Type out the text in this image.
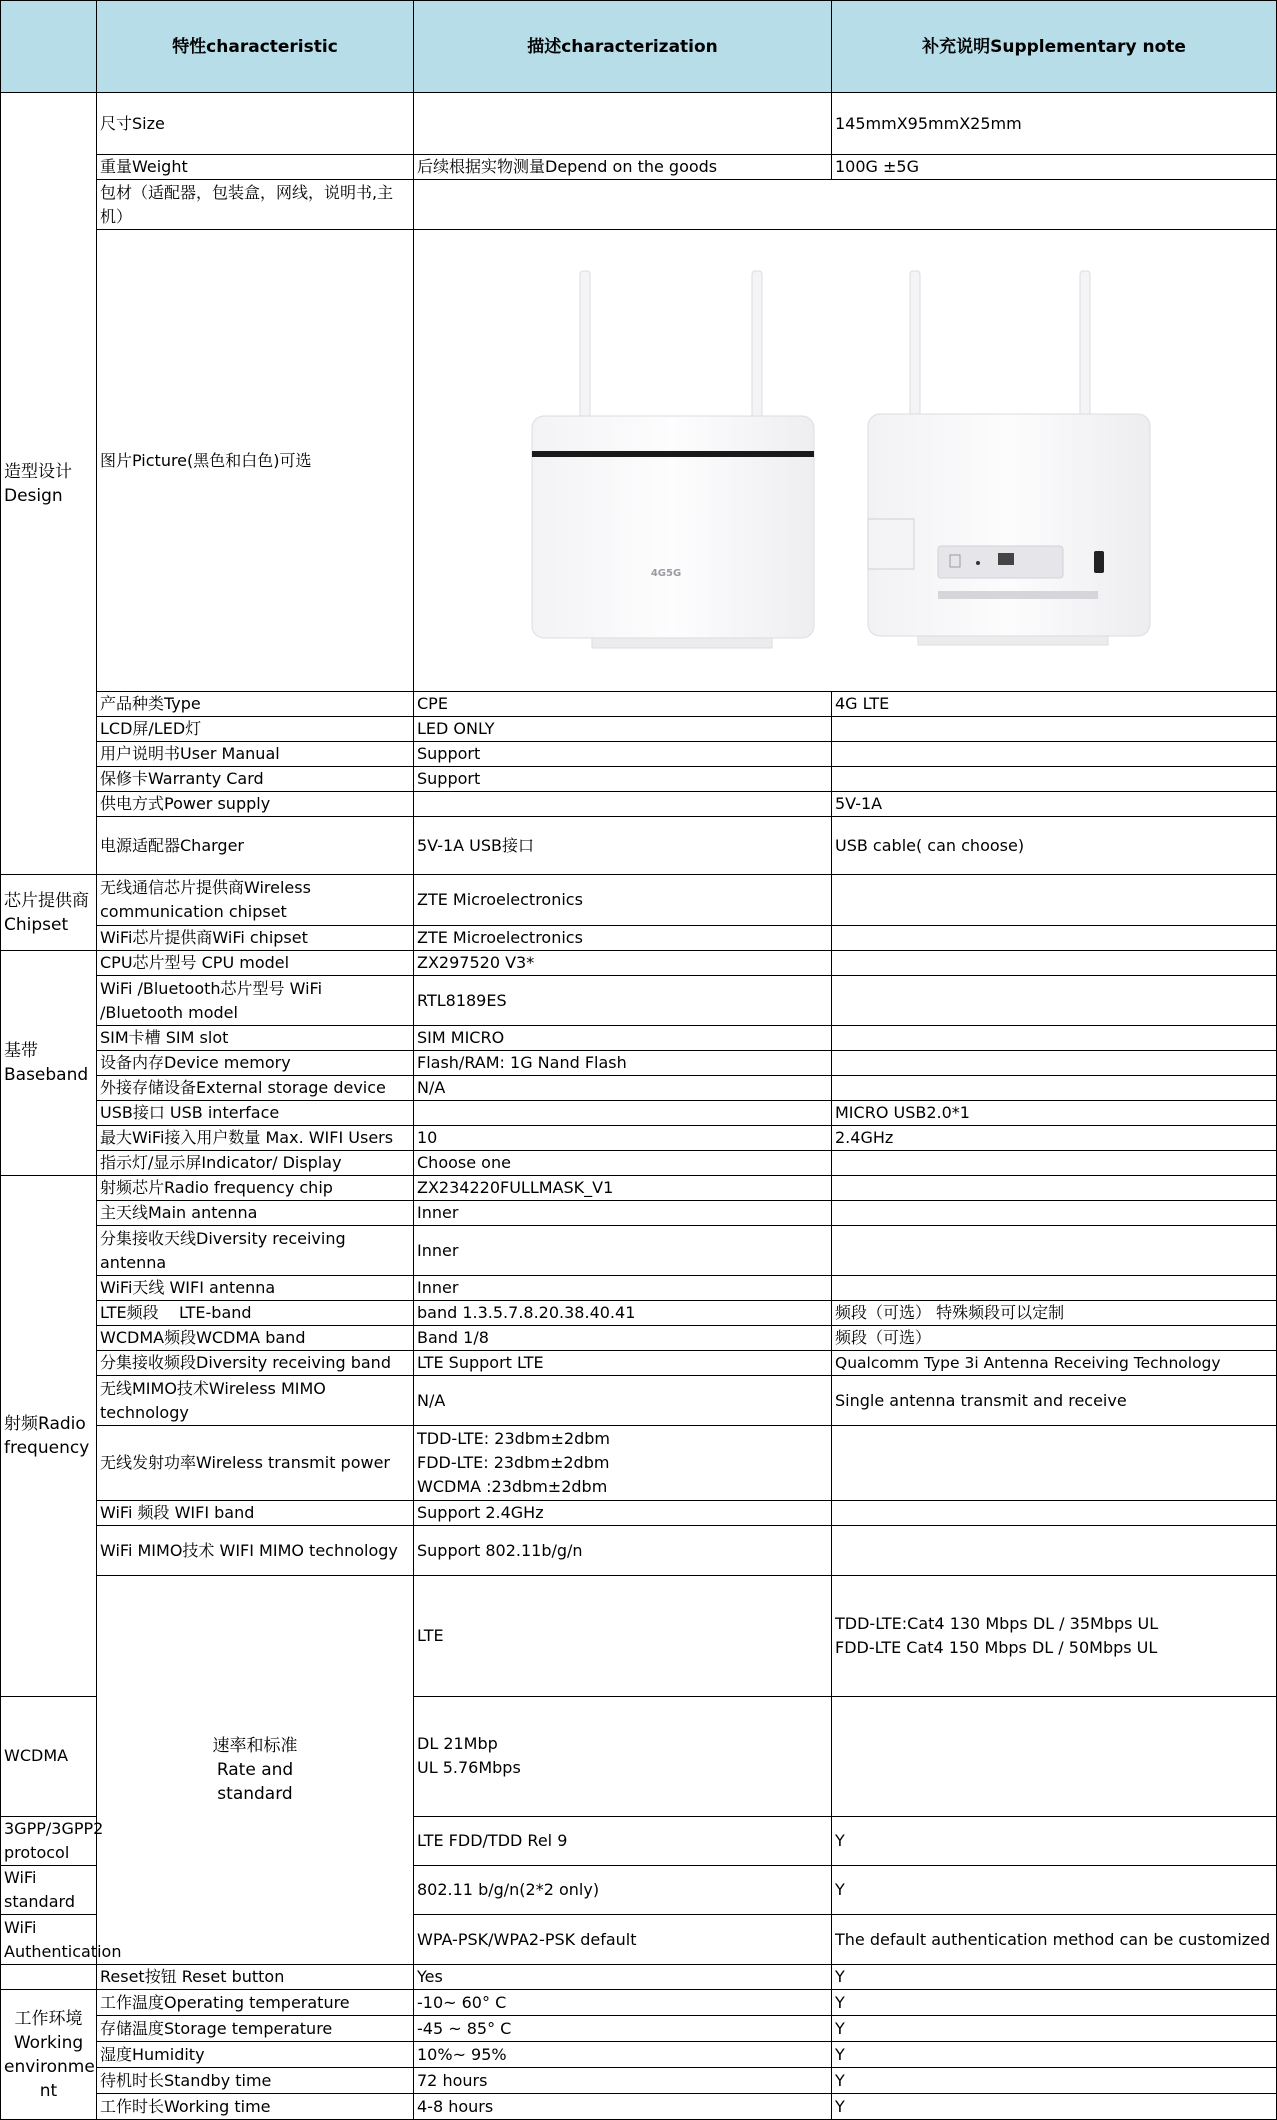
	特性characteristic	描述characterization	补充说明Supplementary note	
造型设计
Design	尺寸Size		145mmX95mmX25mm	
	重量Weight	后续根据实物测量Depend on the goods	100G ±5G	
	包材（适配器，包装盒，网线，说明书,主机）			
	图片Picture(黑色和白色)可选	4G5G		

	产品种类Type	CPE	4G LTE	
	LCD屏/LED灯	LED ONLY		
	用户说明书User Manual	Support		
	保修卡Warranty Card	Support		
	供电方式Power supply		5V-1A	
	电源适配器Charger	5V-1A USB接口	USB cable( can choose)	
芯片提供商
Chipset	无线通信芯片提供商Wireless communication chipset	ZTE Microelectronics		
	WiFi芯片提供商WiFi chipset	ZTE Microelectronics		
基带
Baseband	CPU芯片型号 CPU model	ZX297520 V3*		
	WiFi /Bluetooth芯片型号 WiFi /Bluetooth model	RTL8189ES		
	SIM卡槽 SIM slot	SIM MICRO		
	设备内存Device memory	Flash/RAM: 1G Nand Flash		
	外接存储设备External storage device	N/A		
	USB接口 USB interface		MICRO USB2.0*1	
	最大WiFi接入用户数量 Max. WIFI Users	10	2.4GHz	
	指示灯/显示屏Indicator/ Display	Choose one		
射频Radio
frequency	射频芯片Radio frequency chip	ZX234220FULLMASK_V1		
	主天线Main antenna	Inner		
	分集接收天线Diversity receiving antenna	Inner		
	WiFi天线 WIFI antenna	Inner		
	LTE频段    LTE-band	band 1.3.5.7.8.20.38.40.41	频段（可选） 特殊频段可以定制	
	WCDMA频段WCDMA band	Band 1/8	频段（可选）	
	分集接收频段Diversity receiving band	LTE Support LTE	Qualcomm Type 3i Antenna Receiving Technology	
	无线MIMO技术Wireless MIMO technology	N/A	Single antenna transmit and receive	
	无线发射功率Wireless transmit power	TDD-LTE: 23dbm±2dbm
FDD-LTE: 23dbm±2dbm
WCDMA :23dbm±2dbm		
	WiFi 频段 WIFI band	Support 2.4GHz		
	WiFi MIMO技术 WIFI MIMO technology	Support 802.11b/g/n		
	速率和标准
Rate and
standard	LTE	TDD-LTE:Cat4 130 Mbps DL / 35Mbps UL
FDD-LTE Cat4 150 Mbps DL / 50Mbps UL	
WCDMA		DL 21Mbp
UL 5.76Mbps		
3GPP/3GPP2 protocol		LTE FDD/TDD Rel 9	Y	
WiFi standard		802.11 b/g/n(2*2 only)	Y	
WiFi Authentication		WPA-PSK/WPA2-PSK default	The default authentication method can be customized	
	Reset按钮 Reset button	Yes	Y	
工作环境
Working
environme
nt	工作温度Operating temperature	-10~ 60° C	Y	
	存储温度Storage temperature	-45 ~ 85° C	Y	
	湿度Humidity	10%~ 95%	Y	
	待机时长Standby time	72 hours	Y	
	工作时长Working time	4-8 hours	Y	
